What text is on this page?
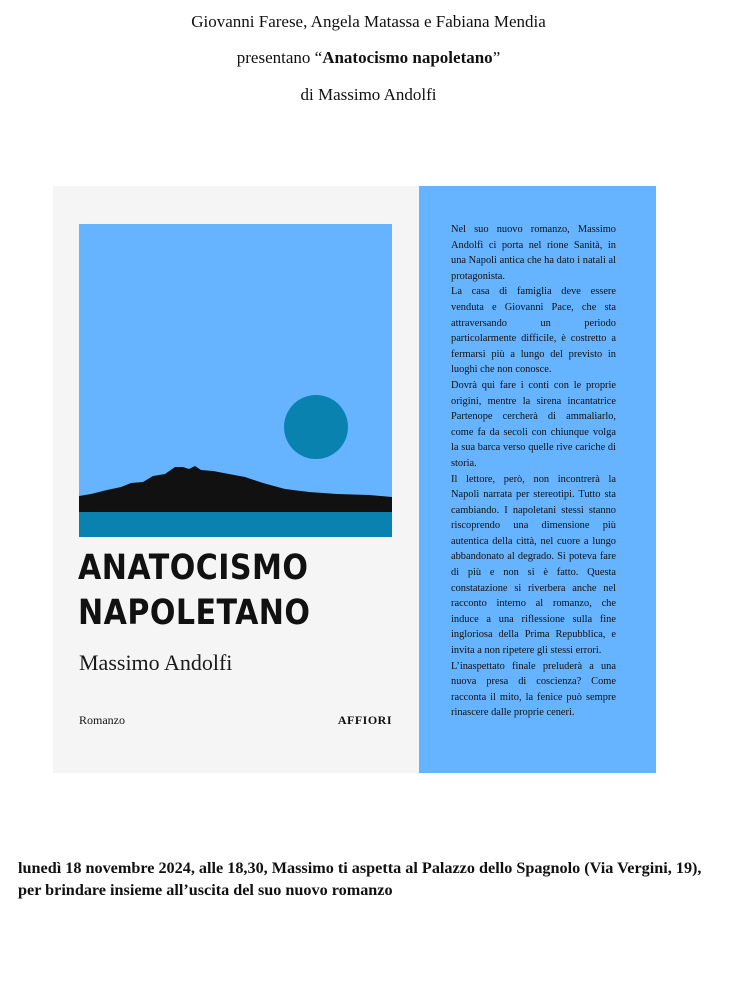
Giovanni Farese, Angela Matassa e Fabiana Mendia
presentano “Anatocismo napoletano”
di Massimo Andolfi
ANATOCISMO
NAPOLETANO
Massimo Andolfi
Romanzo	AFFIORI

Nel suo nuovo romanzo, Massimo Andolfi ci porta nel rione Sanità, in una Napoli antica che ha dato i natali al protagonista.

La casa di famiglia deve essere venduta e Giovanni Pace, che sta attraversando un periodo particolarmente difficile, è costretto a fermarsi più a lungo del previsto in luoghi che non conosce.

Dovrà qui fare i conti con le proprie origini, mentre la sirena incantatrice Partenope cercherà di ammaliarlo, come fa da secoli con chiunque volga la sua barca verso quelle rive cariche di storia.

Il lettore, però, non incontrerà la Napoli narrata per stereotipi. Tutto sta cambiando. I napoletani stessi stanno riscoprendo una dimensione più autentica della città, nel cuore a lungo abbandonato al degrado. Si poteva fare di più e non si è fatto. Questa constatazione si riverbera anche nel racconto interno al romanzo, che induce a una riflessione sulla fine ingloriosa della Prima Repubblica, e invita a non ripetere gli stessi errori.

L’inaspettato finale preluderà a una nuova presa di coscienza? Come racconta il mito, la fenice può sempre rinascere dalle proprie ceneri.

lunedì 18 novembre 2024, alle 18,30, Massimo ti aspetta al Palazzo dello Spagnolo (Via Vergini, 19), per brindare insieme all’uscita del suo nuovo romanzo
